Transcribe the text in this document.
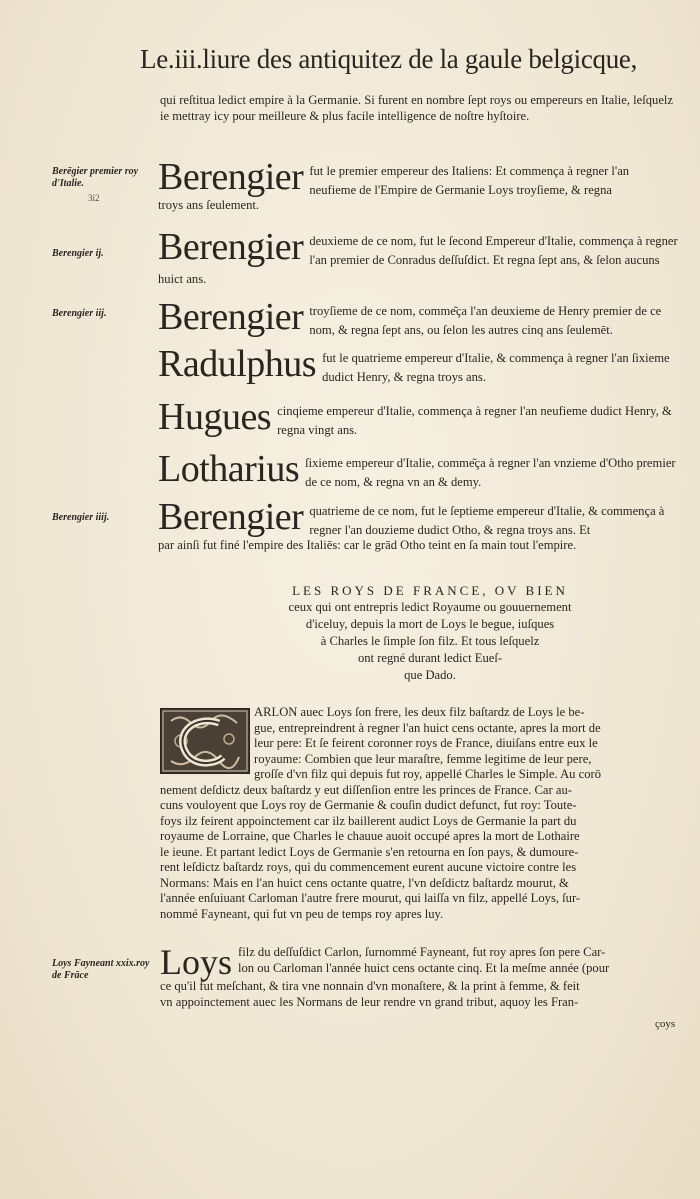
Le.iii.liure des antiquitez de la gaule belgicque,
qui reſtitua ledict empire à la Germanie. Si furent en nombre ſept roys ou empereurs en Italie, leſquelz ie mettray icy pour meilleure & plus facile intelligence de noſtre hyſtoire.
Berēgier premier roy d'Italie.
3i2
Berengier ij.
Berengier iij.
Berengier iiij.
Loys Fayneant xxix.roy de Frāce
Berengier fut le premier empereur des Italiens: Et commença à regner l'an neufieme de l'Empire de Germanie Loys troyſieme, & regna
troys ans ſeulement.
Berengier deuxieme de ce nom, fut le ſecond Empereur d'Italie, commença à regner l'an premier de Conradus deſſuſdict. Et regna ſept ans, & ſelon aucuns huict ans.
Berengier troyſieme de ce nom, comme͂ça l'an deuxieme de Henry premier de ce nom, & regna ſept ans, ou ſelon les autres cinq ans ſeulemēt.
Radulphus fut le quatrieme empereur d'Italie, & commença à regner l'an ſixieme dudict Henry, & regna troys ans.
Hugues cinqieme empereur d'Italie, commença à regner l'an neufieme dudict Henry, & regna vingt ans.
Lotharius ſixieme empereur d'Italie, comme͂ça à regner l'an vnzieme d'Otho premier de ce nom, & regna vn an & demy.
Berengier quatrieme de ce nom, fut le ſeptieme empereur d'Italie, & commença à regner l'an douzieme dudict Otho, & regna troys ans. Et
par ainſi fut finé l'empire des Italiēs: car le grād Otho teint en ſa main tout l'empire.
LES ROYS DE FRANCE, OV BIEN
ceux qui ont entrepris ledict Royaume ou gouuernement
d'iceluy, depuis la mort de Loys le begue, iuſques
à Charles le ſimple ſon filz. Et tous leſquelz
ont regné durant ledict Eueſ-
que Dado.
ARLON auec Loys ſon frere, les deux filz baſtardz de Loys le be-
gue, entrepreindrent à regner l'an huict cens octante, apres la mort de
leur pere: Et ſe feirent coronner roys de France, diuiſans entre eux le
royaume: Combien que leur maraſtre, femme legitime de leur pere,
groſſe d'vn filz qui depuis fut roy, appellé Charles le Simple. Au corō
nement deſdictz deux baſtardz y eut diſſenſion entre les princes de France. Car au-
cuns vouloyent que Loys roy de Germanie & couſin dudict defunct, fut roy: Toute-
foys ilz feirent appoinctement car ilz baillerent audict Loys de Germanie la part du
royaume de Lorraine, que Charles le chauue auoit occupé apres la mort de Lothaire
le ieune. Et partant ledict Loys de Germanie s'en retourna en ſon pays, & dumoure-
rent leſdictz baſtardz roys, qui du commencement eurent aucune victoire contre les
Normans: Mais en l'an huict cens octante quatre, l'vn deſdictz baſtardz mourut, &
l'année enſuiuant Carloman l'autre frere mourut, qui laiſſa vn filz, appellé Loys, ſur-
nommé Fayneant, qui fut vn peu de temps roy apres luy.
Loys filz du deſſuſdict Carlon, ſurnommé Fayneant, fut roy apres ſon pere Car-
lon ou Carloman l'année huict cens octante cinq. Et la meſme année (pour
ce qu'il fut meſchant, & tira vne nonnain d'vn monaſtere, & la print à femme, & feit
vn appoinctement auec les Normans de leur rendre vn grand tribut, aquoy les Fran-
çoys
